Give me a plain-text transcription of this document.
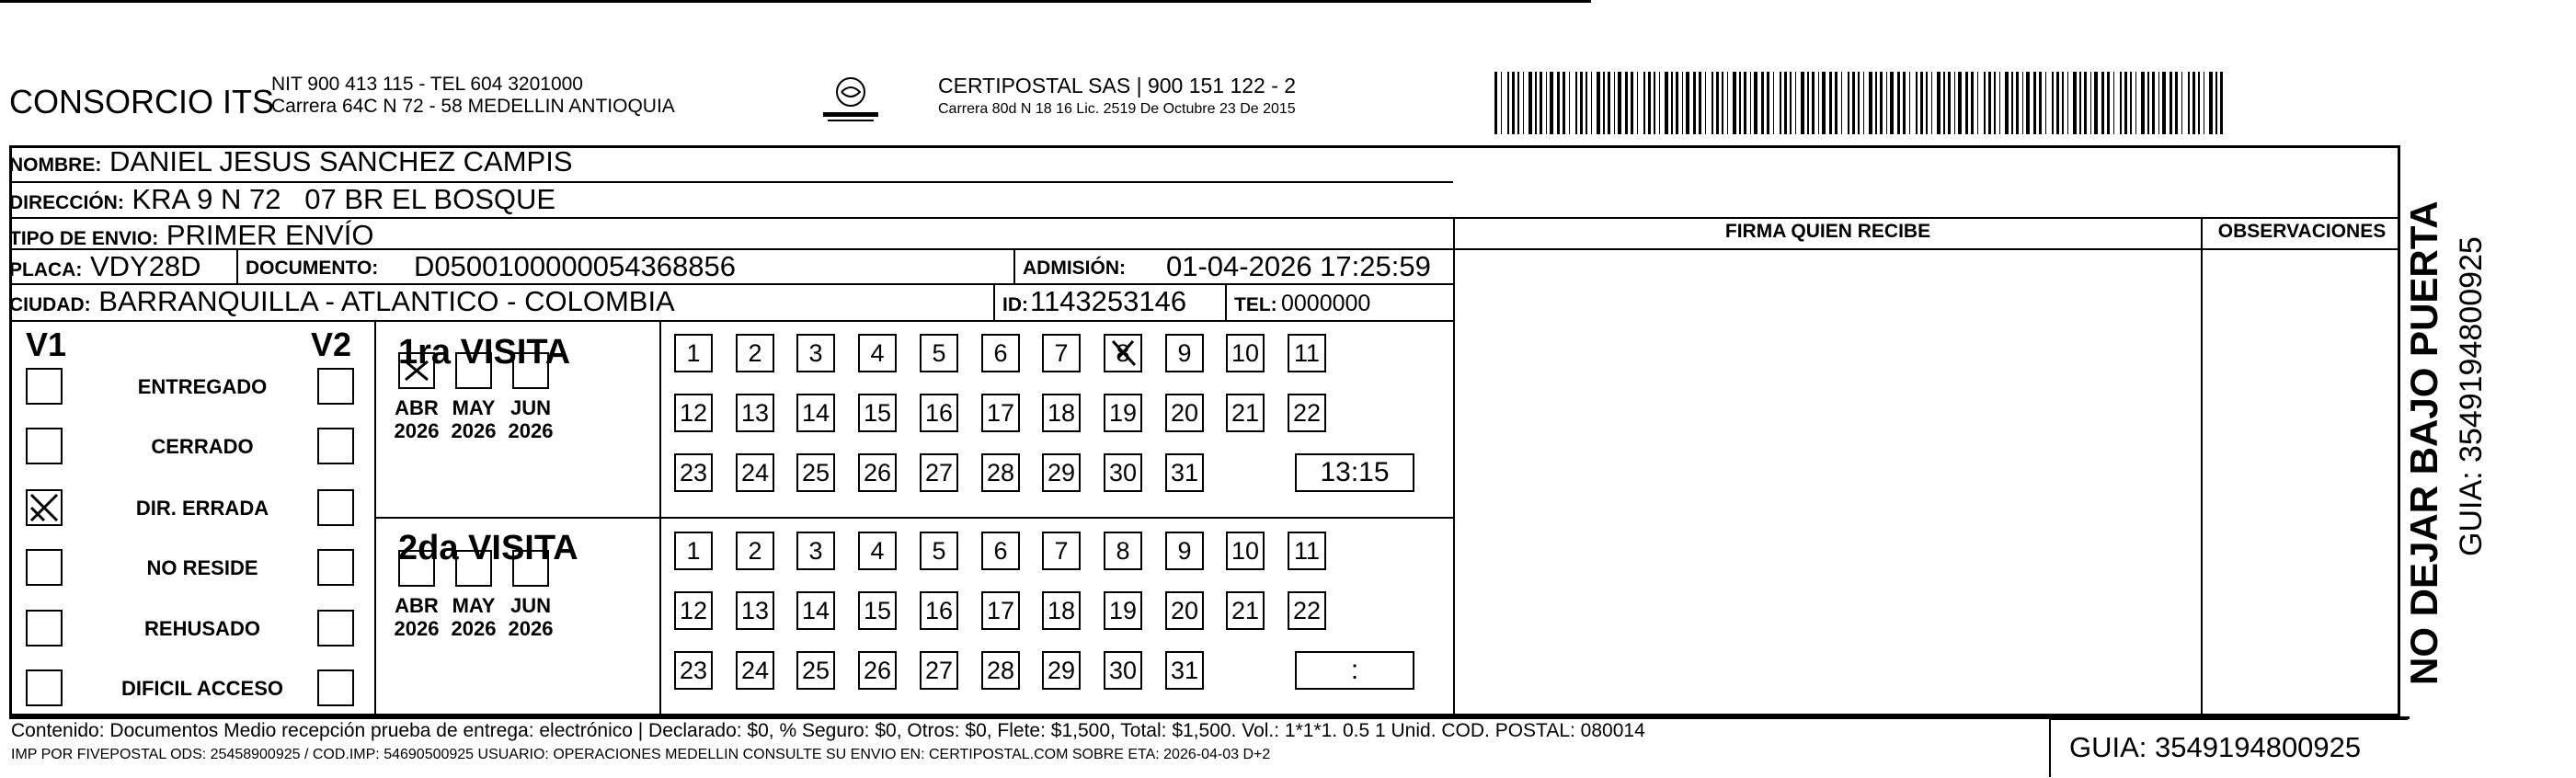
CONSORCIO ITS
NIT 900 413 115 - TEL 604 3201000
Carrera 64C N 72 - 58 MEDELLIN ANTIOQUIA
CERTIPOSTAL SAS | 900 151 122 - 2
Carrera 80d N 18 16 Lic. 2519 De Octubre 23 De 2015
NOMBRE: DANIEL JESUS SANCHEZ CAMPIS
DIRECCIÓN: KRA 9 N 72   07 BR EL BOSQUE
TIPO DE ENVIO: PRIMER ENVÍO
PLACA: VDY28D DOCUMENTO: D0500100000054368856	ADMISIÓN: 01-04-2026 17:25:59
CIUDAD: BARRANQUILLA - ATLANTICO - COLOMBIA	ID: 1143253146 TEL: 0000000
FIRMA QUIEN RECIBE	OBSERVACIONES
V1	V2
ENTREGADO
CERRADO
DIR. ERRADA
NO RESIDE
REHUSADO
DIFICIL ACCESO
1ra VISITA
2da VISITA
ABR
2026
MAY
2026
JUN
2026
1	2	3	4	5	6	7	8	9	10 11
12 13 14 15 16 17 18 19 20 21 22
23 24 25 26 27 28 29 30 31	13:15
ABR
2026
MAY
2026
JUN
2026
1	2	3	4	5	6	7	8	9	10 11
12 13 14 15 16 17 18 19 20 21 22
23 24 25 26 27 28 29 30 31	:
Contenido: Documentos Medio recepción prueba de entrega: electrónico | Declarado: $0, % Seguro: $0, Otros: $0, Flete: $1,500, Total: $1,500. Vol.: 1*1*1. 0.5 1 Unid. COD. POSTAL: 080014
IMP POR FIVEPOSTAL ODS: 25458900925 / COD.IMP: 54690500925 USUARIO: OPERACIONES MEDELLIN CONSULTE SU ENVIO EN: CERTIPOSTAL.COM SOBRE ETA: 2026-04-03 D+2	GUIA: 3549194800925
NO DEJAR BAJO PUERTA GUIA: 3549194800925
